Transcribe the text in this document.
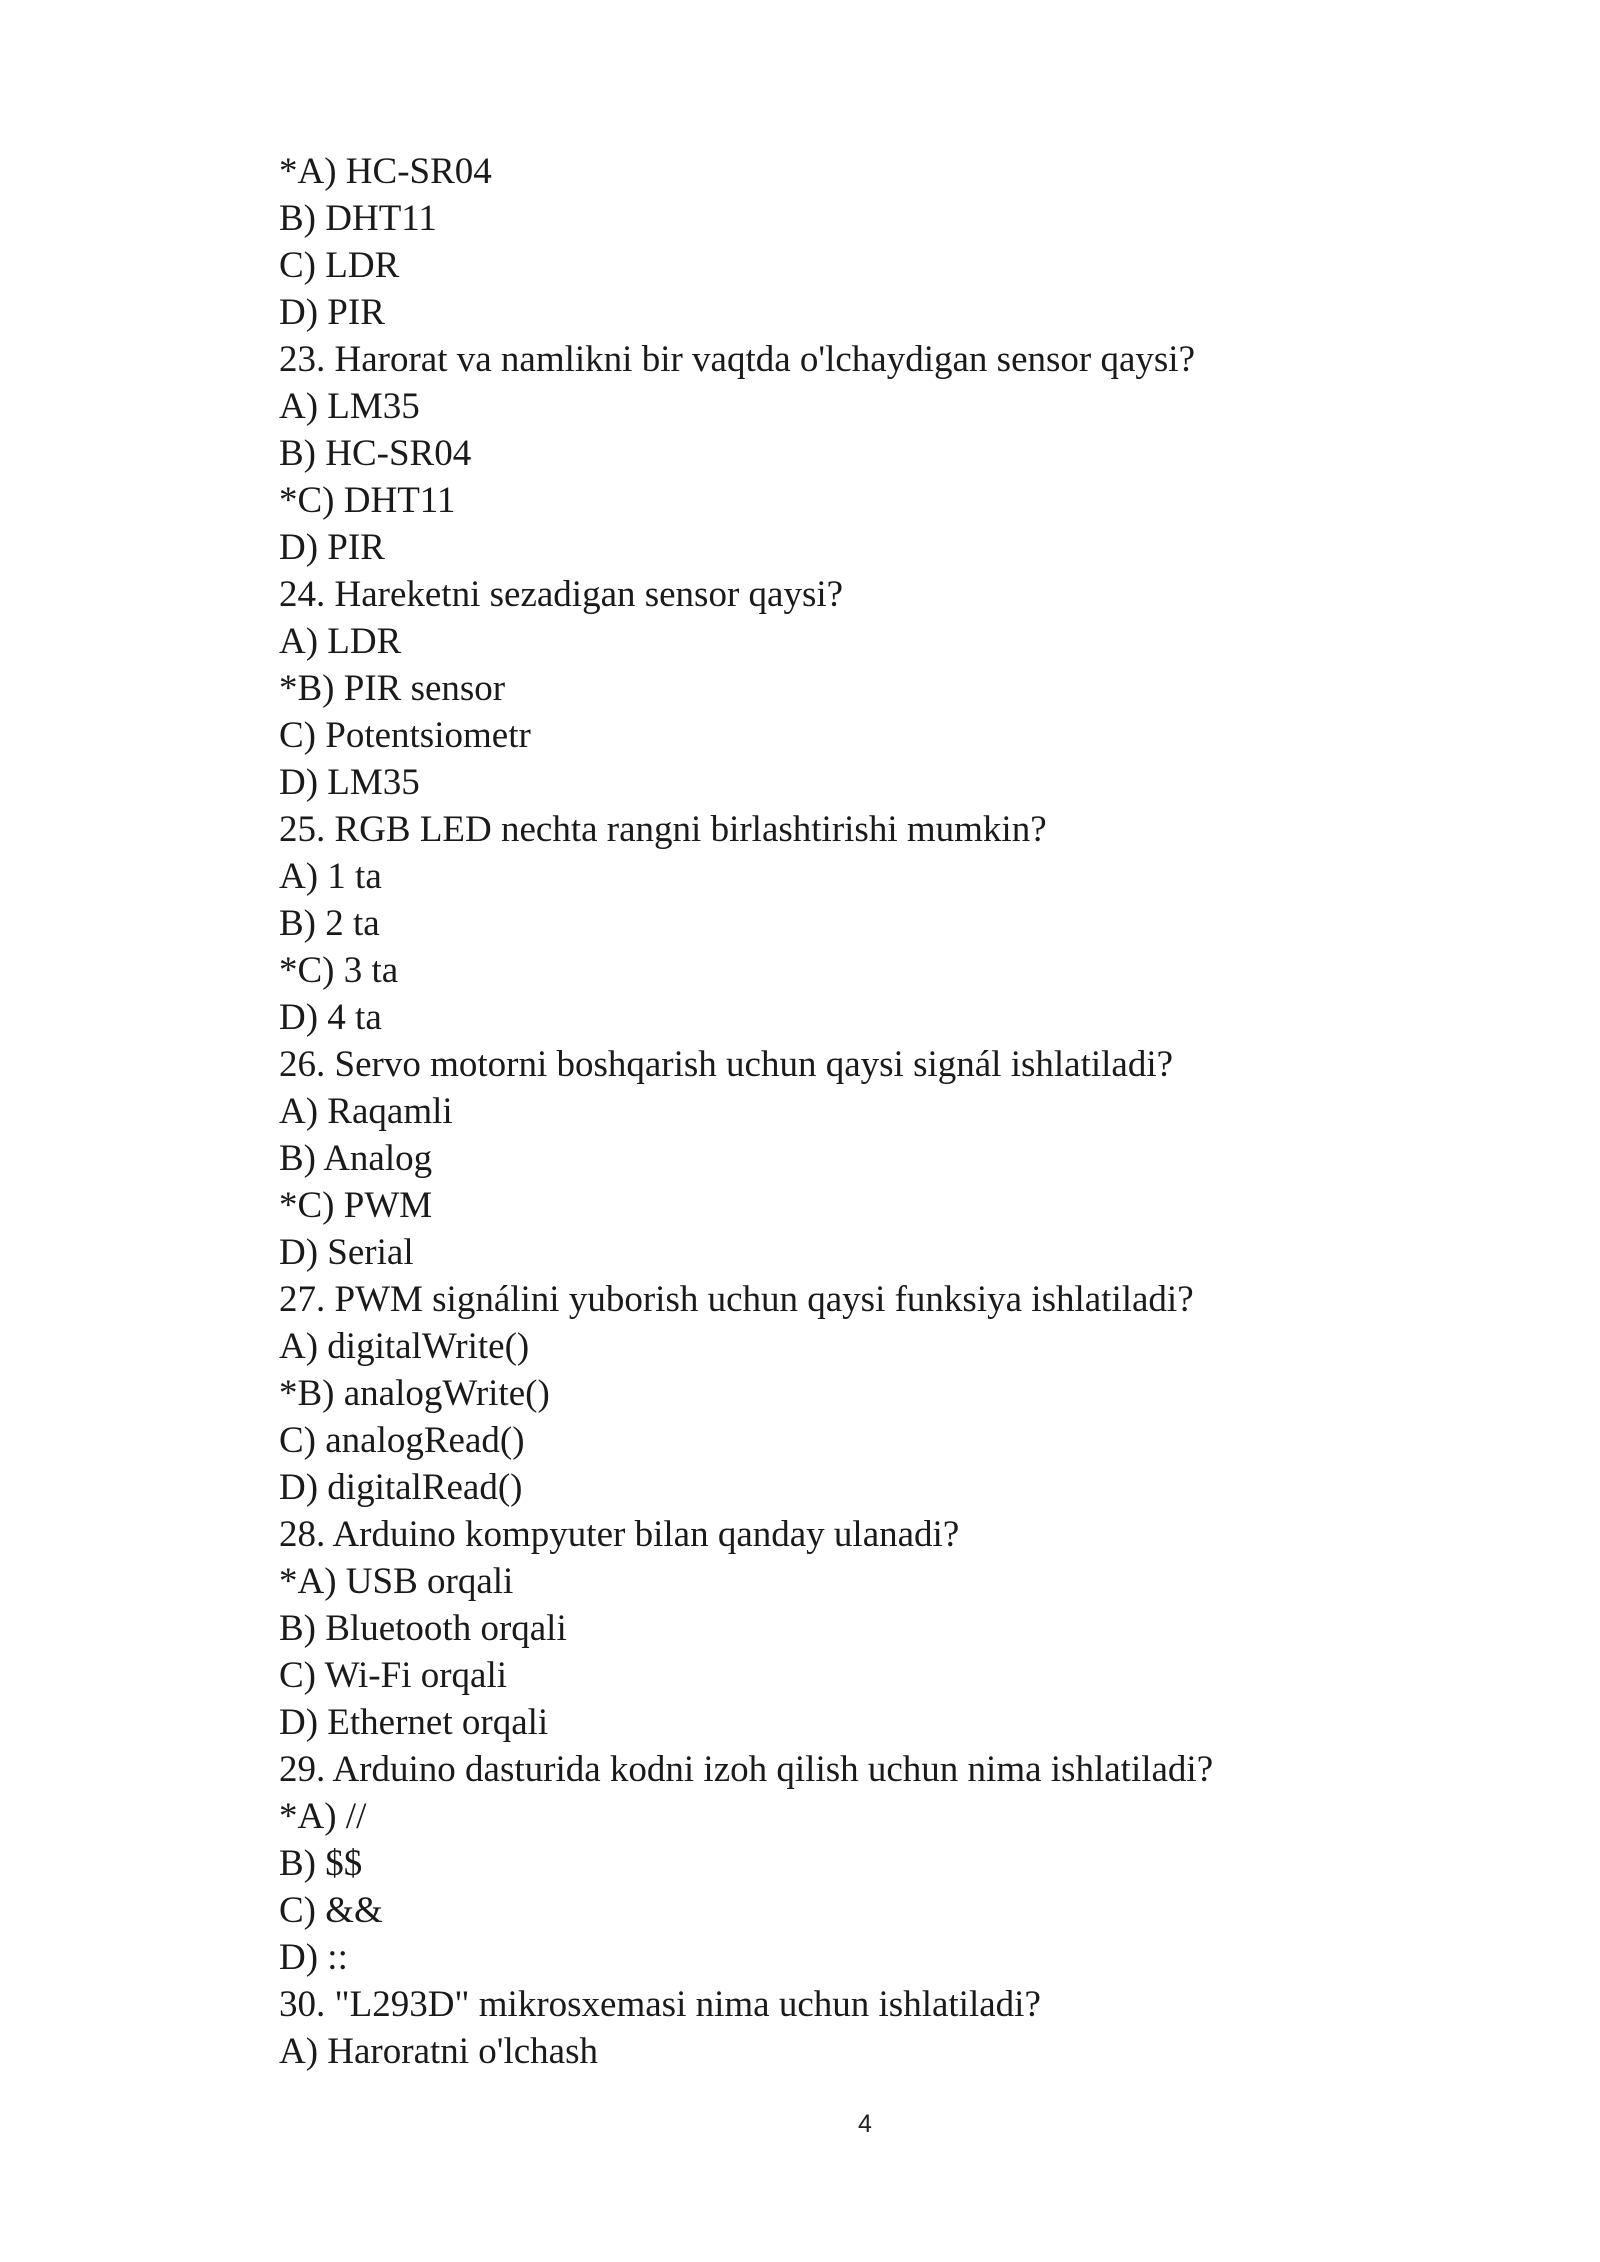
*A) HC-SR04
B) DHT11
C) LDR
D) PIR
23. Harorat va namlikni bir vaqtda o'lchaydigan sensor qaysi?
A) LM35
B) HC-SR04
*C) DHT11
D) PIR
24. Hareketni sezadigan sensor qaysi?
A) LDR
*B) PIR sensor
C) Potentsiometr
D) LM35
25. RGB LED nechta rangni birlashtirishi mumkin?
A) 1 ta
B) 2 ta
*C) 3 ta
D) 4 ta
26. Servo motorni boshqarish uchun qaysi signál ishlatiladi?
A) Raqamli
B) Analog
*C) PWM
D) Serial
27. PWM signálini yuborish uchun qaysi funksiya ishlatiladi?
A) digitalWrite()
*B) analogWrite()
C) analogRead()
D) digitalRead()
28. Arduino kompyuter bilan qanday ulanadi?
*A) USB orqali
B) Bluetooth orqali
C) Wi-Fi orqali
D) Ethernet orqali
29. Arduino dasturida kodni izoh qilish uchun nima ishlatiladi?
*A) //
B) $$
C) &&
D) ::
30. "L293D" mikrosxemasi nima uchun ishlatiladi?
A) Haroratni o'lchash
4
